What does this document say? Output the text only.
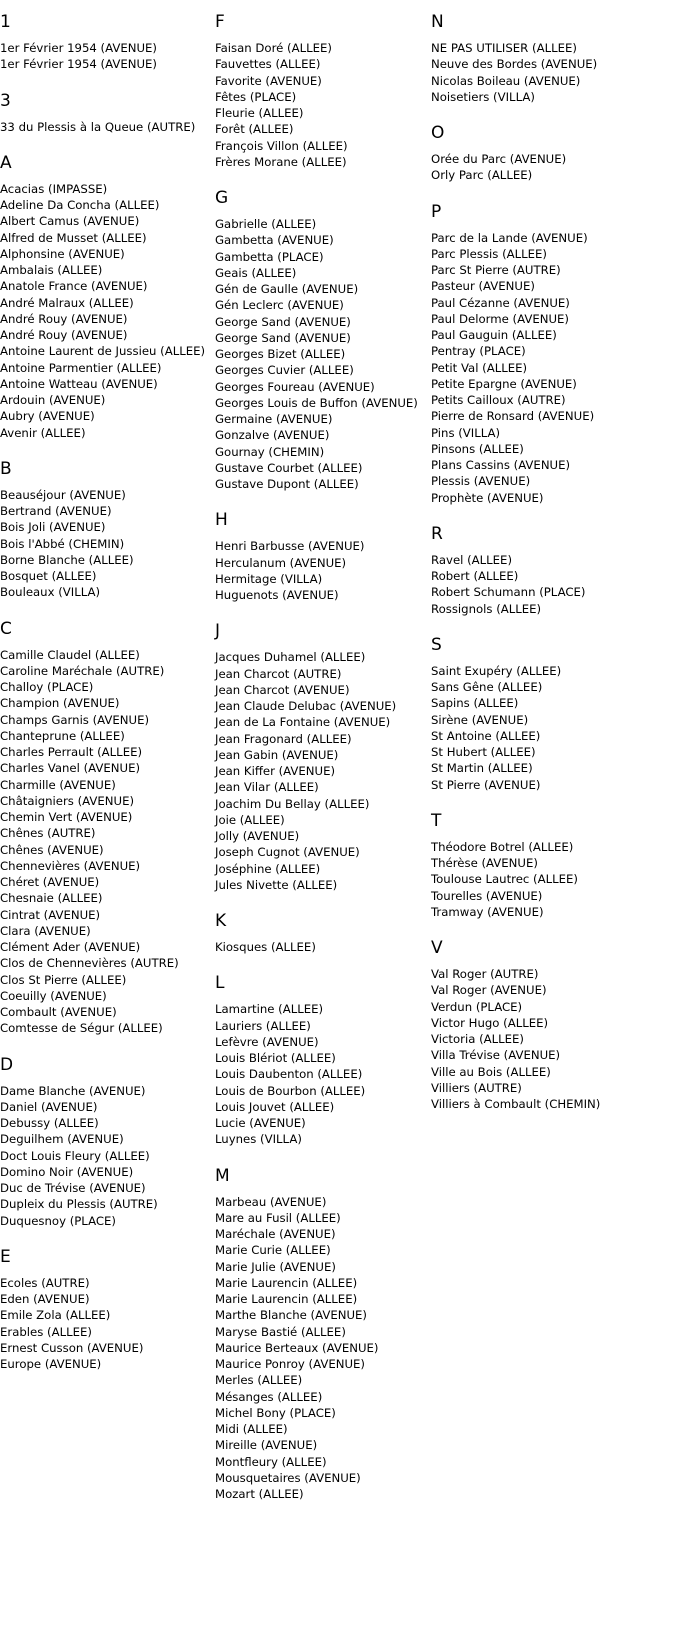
1
1er Février 1954 (AVENUE)
1er Février 1954 (AVENUE)
3
33 du Plessis à la Queue (AUTRE)
A
Acacias (IMPASSE)
Adeline Da Concha (ALLEE)
Albert Camus (AVENUE)
Alfred de Musset (ALLEE)
Alphonsine (AVENUE)
Ambalais (ALLEE)
Anatole France (AVENUE)
André Malraux (ALLEE)
André Rouy (AVENUE)
André Rouy (AVENUE)
Antoine Laurent de Jussieu (ALLEE)
Antoine Parmentier (ALLEE)
Antoine Watteau (AVENUE)
Ardouin (AVENUE)
Aubry (AVENUE)
Avenir (ALLEE)
B
Beauséjour (AVENUE)
Bertrand (AVENUE)
Bois Joli (AVENUE)
Bois l'Abbé (CHEMIN)
Borne Blanche (ALLEE)
Bosquet (ALLEE)
Bouleaux (VILLA)
C
Camille Claudel (ALLEE)
Caroline Maréchale (AUTRE)
Challoy (PLACE)
Champion (AVENUE)
Champs Garnis (AVENUE)
Chanteprune (ALLEE)
Charles Perrault (ALLEE)
Charles Vanel (AVENUE)
Charmille (AVENUE)
Châtaigniers (AVENUE)
Chemin Vert (AVENUE)
Chênes (AUTRE)
Chênes (AVENUE)
Chennevières (AVENUE)
Chéret (AVENUE)
Chesnaie (ALLEE)
Cintrat (AVENUE)
Clara (AVENUE)
Clément Ader (AVENUE)
Clos de Chennevières (AUTRE)
Clos St Pierre (ALLEE)
Coeuilly (AVENUE)
Combault (AVENUE)
Comtesse de Ségur (ALLEE)
D
Dame Blanche (AVENUE)
Daniel (AVENUE)
Debussy (ALLEE)
Deguilhem (AVENUE)
Doct Louis Fleury (ALLEE)
Domino Noir (AVENUE)
Duc de Trévise (AVENUE)
Dupleix du Plessis (AUTRE)
Duquesnoy (PLACE)
E
Ecoles (AUTRE)
Eden (AVENUE)
Emile Zola (ALLEE)
Erables (ALLEE)
Ernest Cusson (AVENUE)
Europe (AVENUE)
F
Faisan Doré (ALLEE)
Fauvettes (ALLEE)
Favorite (AVENUE)
Fêtes (PLACE)
Fleurie (ALLEE)
Forêt (ALLEE)
François Villon (ALLEE)
Frères Morane (ALLEE)
G
Gabrielle (ALLEE)
Gambetta (AVENUE)
Gambetta (PLACE)
Geais (ALLEE)
Gén de Gaulle (AVENUE)
Gén Leclerc (AVENUE)
George Sand (AVENUE)
George Sand (AVENUE)
Georges Bizet (ALLEE)
Georges Cuvier (ALLEE)
Georges Foureau (AVENUE)
Georges Louis de Buffon (AVENUE)
Germaine (AVENUE)
Gonzalve (AVENUE)
Gournay (CHEMIN)
Gustave Courbet (ALLEE)
Gustave Dupont (ALLEE)
H
Henri Barbusse (AVENUE)
Herculanum (AVENUE)
Hermitage (VILLA)
Huguenots (AVENUE)
J
Jacques Duhamel (ALLEE)
Jean Charcot (AUTRE)
Jean Charcot (AVENUE)
Jean Claude Delubac (AVENUE)
Jean de La Fontaine (AVENUE)
Jean Fragonard (ALLEE)
Jean Gabin (AVENUE)
Jean Kiffer (AVENUE)
Jean Vilar (ALLEE)
Joachim Du Bellay (ALLEE)
Joie (ALLEE)
Jolly (AVENUE)
Joseph Cugnot (AVENUE)
Joséphine (ALLEE)
Jules Nivette (ALLEE)
K
Kiosques (ALLEE)
L
Lamartine (ALLEE)
Lauriers (ALLEE)
Lefèvre (AVENUE)
Louis Blériot (ALLEE)
Louis Daubenton (ALLEE)
Louis de Bourbon (ALLEE)
Louis Jouvet (ALLEE)
Lucie (AVENUE)
Luynes (VILLA)
M
Marbeau (AVENUE)
Mare au Fusil (ALLEE)
Maréchale (AVENUE)
Marie Curie (ALLEE)
Marie Julie (AVENUE)
Marie Laurencin (ALLEE)
Marie Laurencin (ALLEE)
Marthe Blanche (AVENUE)
Maryse Bastié (ALLEE)
Maurice Berteaux (AVENUE)
Maurice Ponroy (AVENUE)
Merles (ALLEE)
Mésanges (ALLEE)
Michel Bony (PLACE)
Midi (ALLEE)
Mireille (AVENUE)
Montfleury (ALLEE)
Mousquetaires (AVENUE)
Mozart (ALLEE)
N
NE PAS UTILISER (ALLEE)
Neuve des Bordes (AVENUE)
Nicolas Boileau (AVENUE)
Noisetiers (VILLA)
O
Orée du Parc (AVENUE)
Orly Parc (ALLEE)
P
Parc de la Lande (AVENUE)
Parc Plessis (ALLEE)
Parc St Pierre (AUTRE)
Pasteur (AVENUE)
Paul Cézanne (AVENUE)
Paul Delorme (AVENUE)
Paul Gauguin (ALLEE)
Pentray (PLACE)
Petit Val (ALLEE)
Petite Epargne (AVENUE)
Petits Cailloux (AUTRE)
Pierre de Ronsard (AVENUE)
Pins (VILLA)
Pinsons (ALLEE)
Plans Cassins (AVENUE)
Plessis (AVENUE)
Prophète (AVENUE)
R
Ravel (ALLEE)
Robert (ALLEE)
Robert Schumann (PLACE)
Rossignols (ALLEE)
S
Saint Exupéry (ALLEE)
Sans Gêne (ALLEE)
Sapins (ALLEE)
Sirène (AVENUE)
St Antoine (ALLEE)
St Hubert (ALLEE)
St Martin (ALLEE)
St Pierre (AVENUE)
T
Théodore Botrel (ALLEE)
Thérèse (AVENUE)
Toulouse Lautrec (ALLEE)
Tourelles (AVENUE)
Tramway (AVENUE)
V
Val Roger (AUTRE)
Val Roger (AVENUE)
Verdun (PLACE)
Victor Hugo (ALLEE)
Victoria (ALLEE)
Villa Trévise (AVENUE)
Ville au Bois (ALLEE)
Villiers (AUTRE)
Villiers à Combault (CHEMIN)
